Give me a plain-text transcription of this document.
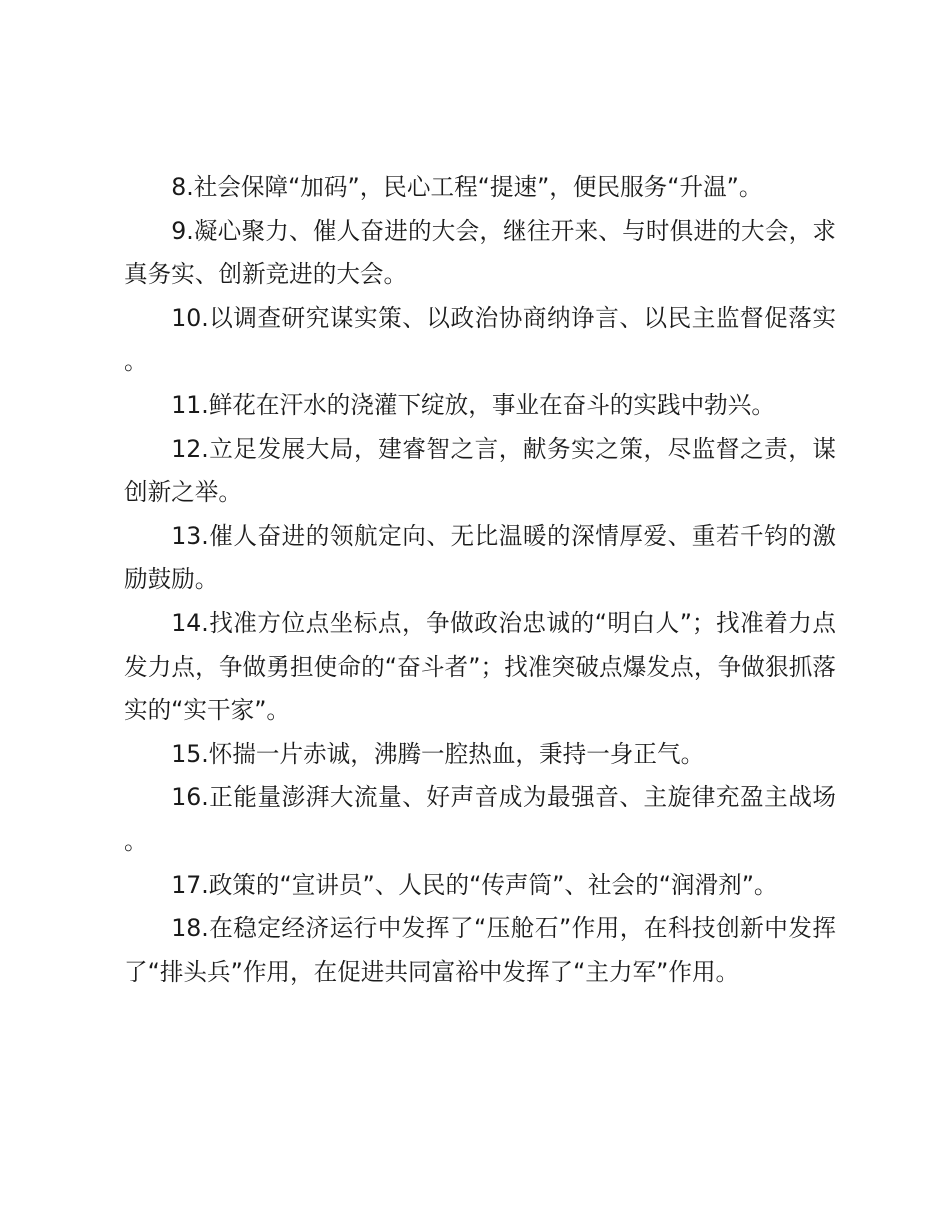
8.社会保障“加码”，民心工程“提速”，便民服务“升温”。

9.凝心聚力、催人奋进的大会，继往开来、与时俱进的大会，求真务实、创新竞进的大会。

10.以调查研究谋实策、以政治协商纳诤言、以民主监督促落实。

11.鲜花在汗水的浇灌下绽放，事业在奋斗的实践中勃兴。

12.立足发展大局，建睿智之言，献务实之策，尽监督之责，谋创新之举。

13.催人奋进的领航定向、无比温暖的深情厚爱、重若千钧的激励鼓励。

14.找准方位点坐标点，争做政治忠诚的“明白人”；找准着力点发力点，争做勇担使命的“奋斗者”；找准突破点爆发点，争做狠抓落实的“实干家”。

15.怀揣一片赤诚，沸腾一腔热血，秉持一身正气。

16.正能量澎湃大流量、好声音成为最强音、主旋律充盈主战场。

17.政策的“宣讲员”、人民的“传声筒”、社会的“润滑剂”。

18.在稳定经济运行中发挥了“压舱石”作用，在科技创新中发挥了“排头兵”作用，在促进共同富裕中发挥了“主力军”作用。
